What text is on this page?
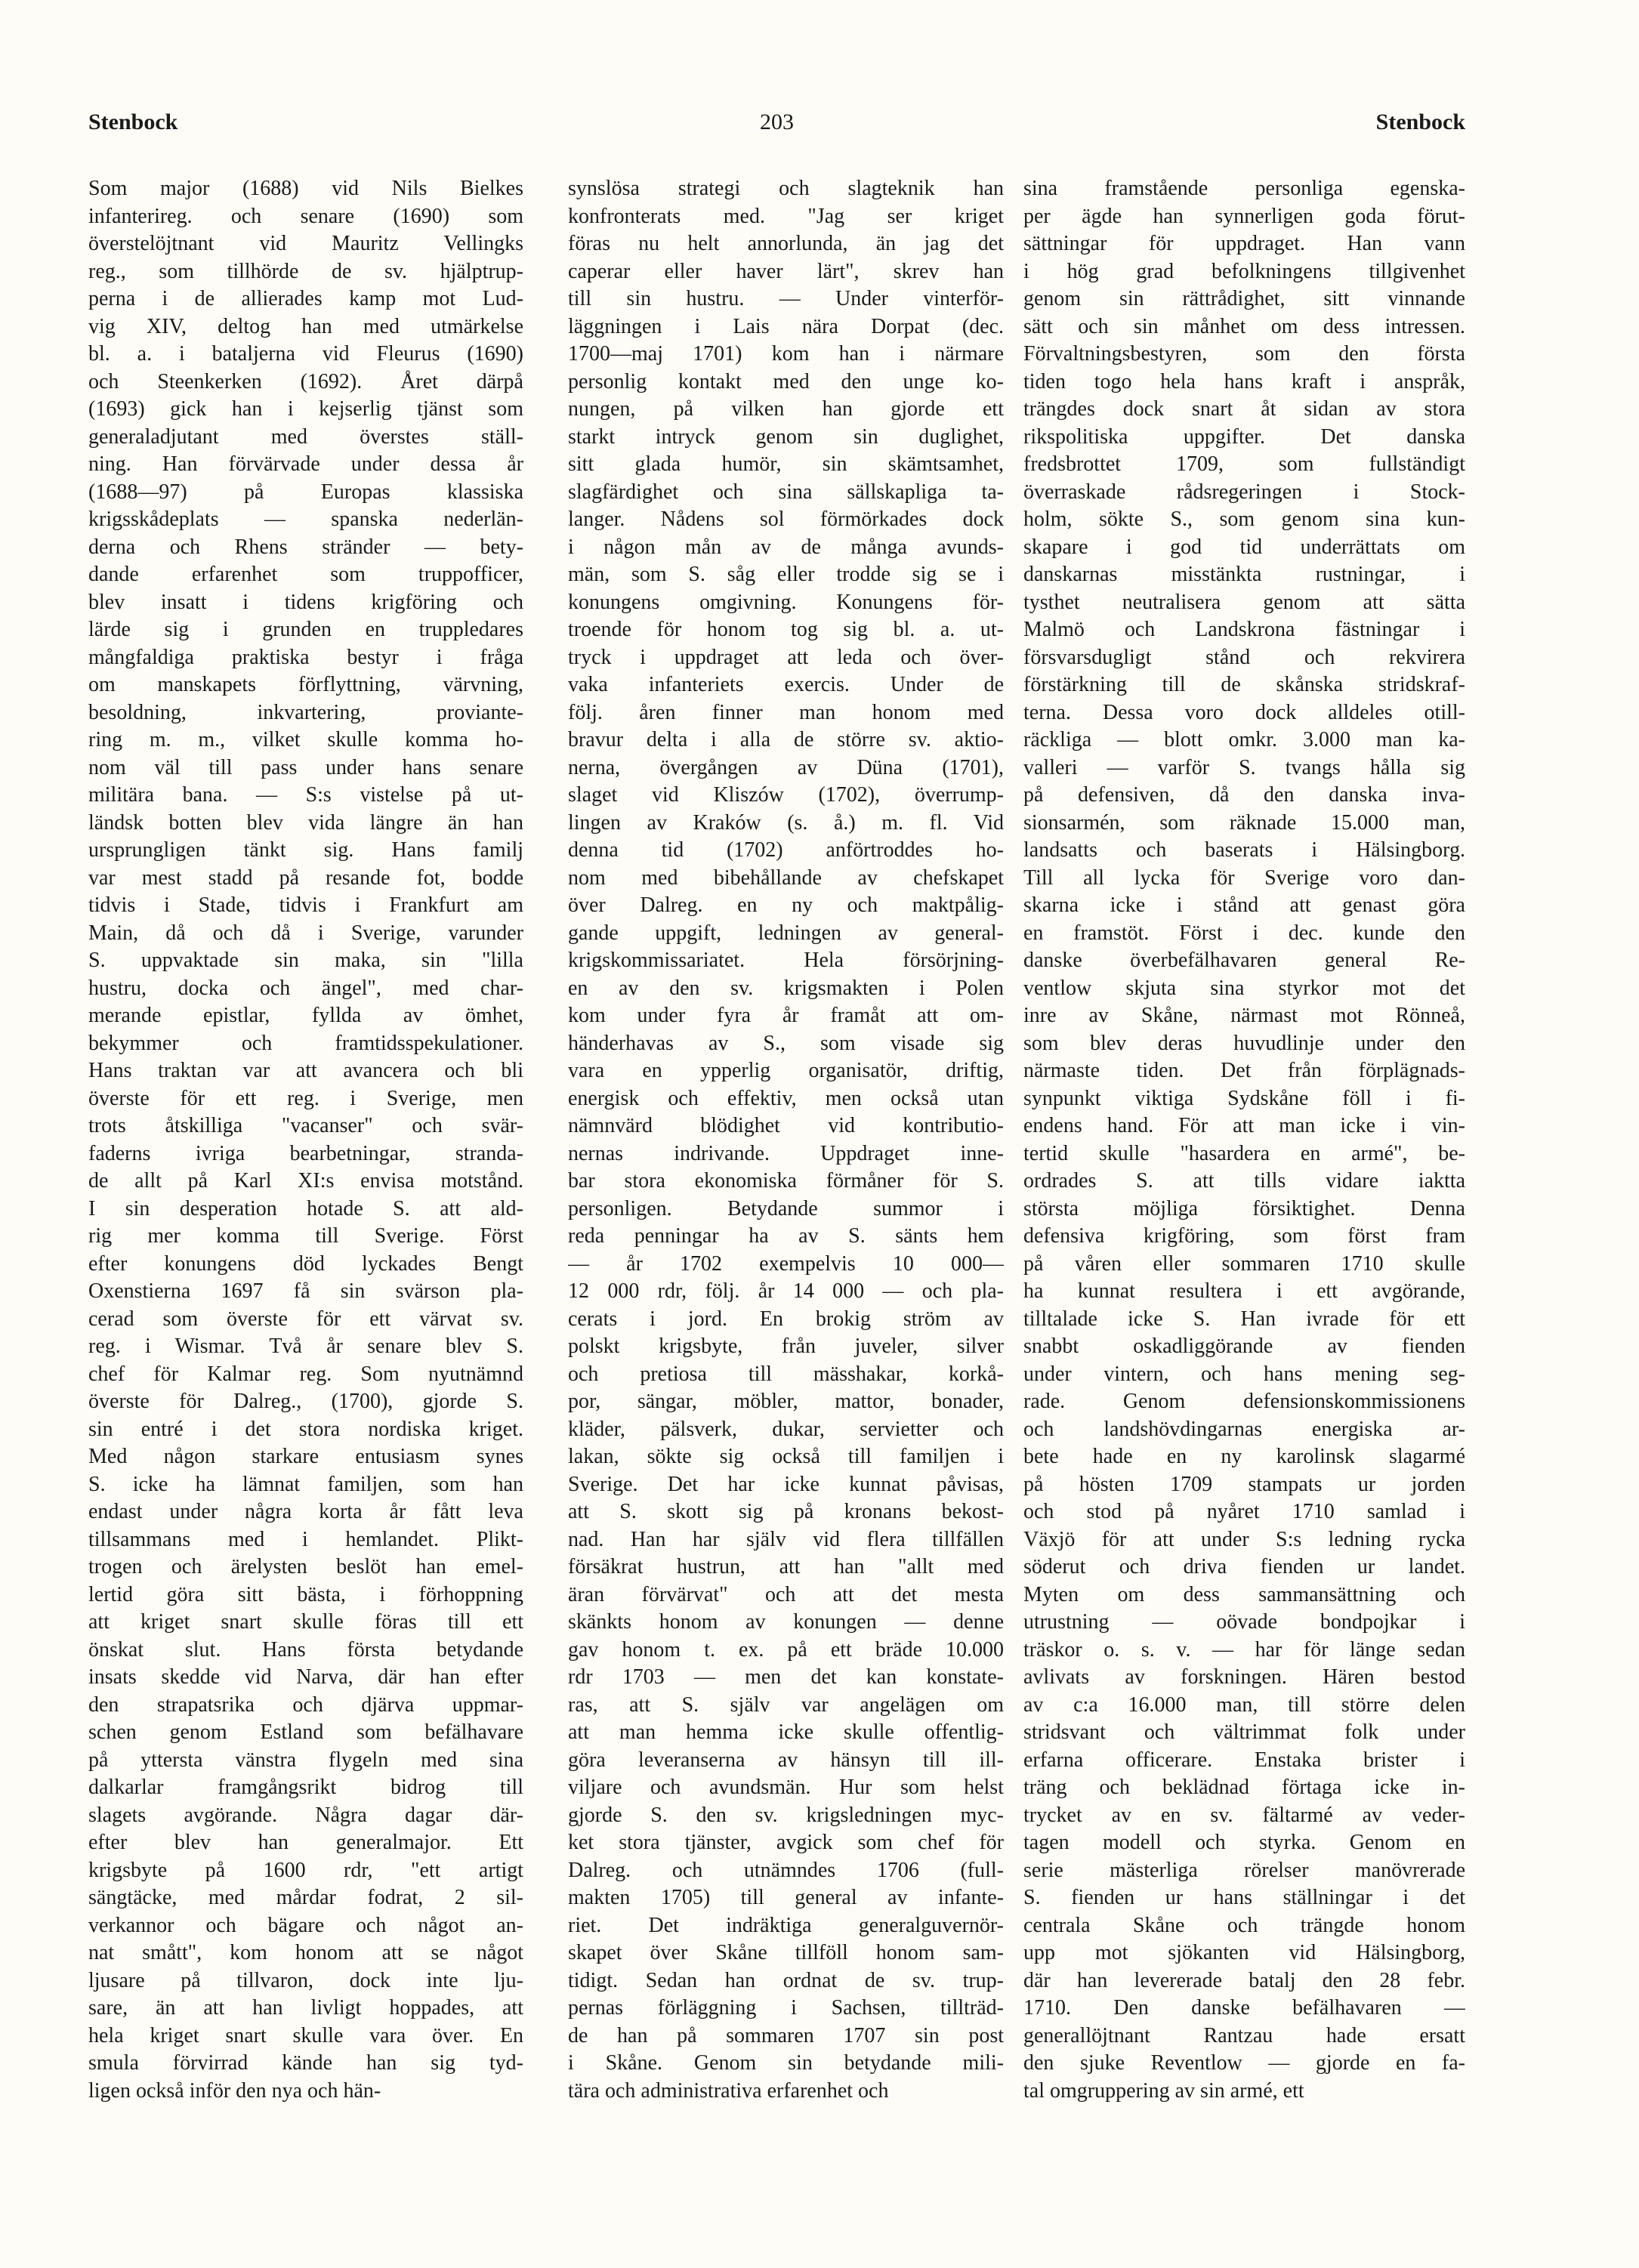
Stenbock	203	Stenbock
Som major (1688) vid Nils Bielkes
infanterireg. och senare (1690) som
överstelöjtnant vid Mauritz Vellingks
reg., som tillhörde de sv. hjälptrup-
perna i de allierades kamp mot Lud-
vig XIV, deltog han med utmärkelse
bl. a. i bataljerna vid Fleurus (1690)
och Steenkerken (1692). Året därpå
(1693) gick han i kejserlig tjänst som
generaladjutant med överstes ställ-
ning. Han förvärvade under dessa år
(1688—97) på Europas klassiska
krigsskådeplats — spanska nederlän-
derna och Rhens stränder — bety-
dande erfarenhet som truppofficer,
blev insatt i tidens krigföring och
lärde sig i grunden en truppledares
mångfaldiga praktiska bestyr i fråga
om manskapets förflyttning, värvning,
besoldning, inkvartering, proviante-
ring m. m., vilket skulle komma ho-
nom väl till pass under hans senare
militära bana. — S:s vistelse på ut-
ländsk botten blev vida längre än han
ursprungligen tänkt sig. Hans familj
var mest stadd på resande fot, bodde
tidvis i Stade, tidvis i Frankfurt am
Main, då och då i Sverige, varunder
S. uppvaktade sin maka, sin "lilla
hustru, docka och ängel", med char-
merande epistlar, fyllda av ömhet,
bekymmer och framtidsspekulationer.
Hans traktan var att avancera och bli
överste för ett reg. i Sverige, men
trots åtskilliga "vacanser" och svär-
faderns ivriga bearbetningar, stranda-
de allt på Karl XI:s envisa motstånd.
I sin desperation hotade S. att ald-
rig mer komma till Sverige. Först
efter konungens död lyckades Bengt
Oxenstierna 1697 få sin svärson pla-
cerad som överste för ett värvat sv.
reg. i Wismar. Två år senare blev S.
chef för Kalmar reg. Som nyutnämnd
överste för Dalreg., (1700), gjorde S.
sin entré i det stora nordiska kriget.
Med någon starkare entusiasm synes
S. icke ha lämnat familjen, som han
endast under några korta år fått leva
tillsammans med i hemlandet. Plikt-
trogen och ärelysten beslöt han emel-
lertid göra sitt bästa, i förhoppning
att kriget snart skulle föras till ett
önskat slut. Hans första betydande
insats skedde vid Narva, där han efter
den strapatsrika och djärva uppmar-
schen genom Estland som befälhavare
på yttersta vänstra flygeln med sina
dalkarlar framgångsrikt bidrog till
slagets avgörande. Några dagar där-
efter blev han generalmajor. Ett
krigsbyte på 1600 rdr, "ett artigt
sängtäcke, med mårdar fodrat, 2 sil-
verkannor och bägare och något an-
nat smått", kom honom att se något
ljusare på tillvaron, dock inte lju-
sare, än att han livligt hoppades, att
hela kriget snart skulle vara över. En
smula förvirrad kände han sig tyd-
ligen också inför den nya och hän-
synslösa strategi och slagteknik han
konfronterats med. "Jag ser kriget
föras nu helt annorlunda, än jag det
caperar eller haver lärt", skrev han
till sin hustru. — Under vinterför-
läggningen i Lais nära Dorpat (dec.
1700—maj 1701) kom han i närmare
personlig kontakt med den unge ko-
nungen, på vilken han gjorde ett
starkt intryck genom sin duglighet,
sitt glada humör, sin skämtsamhet,
slagfärdighet och sina sällskapliga ta-
langer. Nådens sol förmörkades dock
i någon mån av de många avunds-
män, som S. såg eller trodde sig se i
konungens omgivning. Konungens för-
troende för honom tog sig bl. a. ut-
tryck i uppdraget att leda och över-
vaka infanteriets exercis. Under de
följ. åren finner man honom med
bravur delta i alla de större sv. aktio-
nerna, övergången av Düna (1701),
slaget vid Kliszów (1702), överrump-
lingen av Kraków (s. å.) m. fl. Vid
denna tid (1702) anförtroddes ho-
nom med bibehållande av chefskapet
över Dalreg. en ny och maktpålig-
gande uppgift, ledningen av general-
krigskommissariatet. Hela försörjning-
en av den sv. krigsmakten i Polen
kom under fyra år framåt att om-
händerhavas av S., som visade sig
vara en ypperlig organisatör, driftig,
energisk och effektiv, men också utan
nämnvärd blödighet vid kontributio-
nernas indrivande. Uppdraget inne-
bar stora ekonomiska förmåner för S.
personligen. Betydande summor i
reda penningar ha av S. sänts hem
— år 1702 exempelvis 10 000—
12 000 rdr, följ. år 14 000 — och pla-
cerats i jord. En brokig ström av
polskt krigsbyte, från juveler, silver
och pretiosa till mässhakar, korkå-
por, sängar, möbler, mattor, bonader,
kläder, pälsverk, dukar, servietter och
lakan, sökte sig också till familjen i
Sverige. Det har icke kunnat påvisas,
att S. skott sig på kronans bekost-
nad. Han har själv vid flera tillfällen
försäkrat hustrun, att han "allt med
äran förvärvat" och att det mesta
skänkts honom av konungen — denne
gav honom t. ex. på ett bräde 10.000
rdr 1703 — men det kan konstate-
ras, att S. själv var angelägen om
att man hemma icke skulle offentlig-
göra leveranserna av hänsyn till ill-
viljare och avundsmän. Hur som helst
gjorde S. den sv. krigsledningen myc-
ket stora tjänster, avgick som chef för
Dalreg. och utnämndes 1706 (full-
makten 1705) till general av infante-
riet. Det indräktiga generalguvernör-
skapet över Skåne tillföll honom sam-
tidigt. Sedan han ordnat de sv. trup-
pernas förläggning i Sachsen, tillträd-
de han på sommaren 1707 sin post
i Skåne. Genom sin betydande mili-
tära och administrativa erfarenhet och
sina framstående personliga egenska-
per ägde han synnerligen goda förut-
sättningar för uppdraget. Han vann
i hög grad befolkningens tillgivenhet
genom sin rättrådighet, sitt vinnande
sätt och sin månhet om dess intressen.
Förvaltningsbestyren, som den första
tiden togo hela hans kraft i anspråk,
trängdes dock snart åt sidan av stora
rikspolitiska uppgifter. Det danska
fredsbrottet 1709, som fullständigt
överraskade rådsregeringen i Stock-
holm, sökte S., som genom sina kun-
skapare i god tid underrättats om
danskarnas misstänkta rustningar, i
tysthet neutralisera genom att sätta
Malmö och Landskrona fästningar i
försvarsdugligt stånd och rekvirera
förstärkning till de skånska stridskraf-
terna. Dessa voro dock alldeles otill-
räckliga — blott omkr. 3.000 man ka-
valleri — varför S. tvangs hålla sig
på defensiven, då den danska inva-
sionsarmén, som räknade 15.000 man,
landsatts och baserats i Hälsingborg.
Till all lycka för Sverige voro dan-
skarna icke i stånd att genast göra
en framstöt. Först i dec. kunde den
danske överbefälhavaren general Re-
ventlow skjuta sina styrkor mot det
inre av Skåne, närmast mot Rönneå,
som blev deras huvudlinje under den
närmaste tiden. Det från förplägnads-
synpunkt viktiga Sydskåne föll i fi-
endens hand. För att man icke i vin-
tertid skulle "hasardera en armé", be-
ordrades S. att tills vidare iaktta
största möjliga försiktighet. Denna
defensiva krigföring, som först fram
på våren eller sommaren 1710 skulle
ha kunnat resultera i ett avgörande,
tilltalade icke S. Han ivrade för ett
snabbt oskadliggörande av fienden
under vintern, och hans mening seg-
rade. Genom defensionskommissionens
och landshövdingarnas energiska ar-
bete hade en ny karolinsk slagarmé
på hösten 1709 stampats ur jorden
och stod på nyåret 1710 samlad i
Växjö för att under S:s ledning rycka
söderut och driva fienden ur landet.
Myten om dess sammansättning och
utrustning — oövade bondpojkar i
träskor o. s. v. — har för länge sedan
avlivats av forskningen. Hären bestod
av c:a 16.000 man, till större delen
stridsvant och vältrimmat folk under
erfarna officerare. Enstaka brister i
träng och beklädnad förtaga icke in-
trycket av en sv. fältarmé av veder-
tagen modell och styrka. Genom en
serie mästerliga rörelser manövrerade
S. fienden ur hans ställningar i det
centrala Skåne och trängde honom
upp mot sjökanten vid Hälsingborg,
där han levererade batalj den 28 febr.
1710. Den danske befälhavaren —
generallöjtnant Rantzau hade ersatt
den sjuke Reventlow — gjorde en fa-
tal omgruppering av sin armé, ett
